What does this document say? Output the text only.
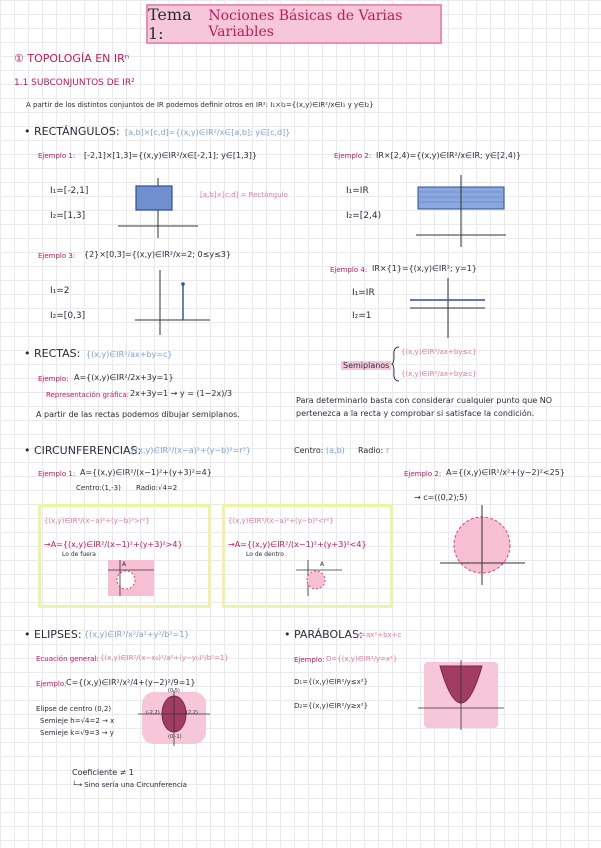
Tema 1:
Nociones Básicas de Varias Variables
① TOPOLOGÍA EN IRⁿ
1.1 SUBCONJUNTOS DE IR²
A partir de los distintos conjuntos de IR podemos definir otros en IR²: I₁×I₂={(x,y)∈IR²/x∈I₁ y y∈I₂}
• RECTÁNGULOS: [a,b]×[c,d]={(x,y)∈IR²/x∈[a,b]; y∈[c,d]}
Ejemplo 1: [-2,1]×[1,3]={(x,y)∈IR²/x∈[-2,1]; y∈[1,3]}
I₁=[-2,1]
I₂=[1,3]
[a,b]×[c,d] = Rectángulo
Ejemplo 2: IR×[2,4)={(x,y)∈IR²/x∈IR; y∈[2,4)}
I₁=IR
I₂=[2,4)
Ejemplo 3: {2}×[0,3]={(x,y)∈IR²/x=2; 0≤y≤3}
I₁=2
I₂=[0,3]
Ejemplo 4: IR×{1}={(x,y)∈IR²; y=1}
I₁=IR
I₂=1
• RECTAS: {(x,y)∈IR²/ax+by=c}
Ejemplo: A={(x,y)∈IR²/2x+3y=1}
Representación gráfica: 2x+3y=1 → y = (1−2x)/3
A partir de las rectas podemos dibujar semiplanos.
Semiplanos
{(x,y)∈IR²/ax+by≤c}
{(x,y)∈IR²/ax+by≥c}
Para determinarlo basta con considerar cualquier punto que NO
pertenezca a la recta y comprobar si satisface la condición.
• CIRCUNFERENCIAS:
{(x,y)∈IR²/(x−a)²+(y−b)²=r²}	Centro: (a,b) Radio: r
Ejemplo 1: A={(x,y)∈IR²/(x−1)²+(y+3)²=4}
Centro:(1,-3) Radio:√4=2
Ejemplo 2: A={(x,y)∈IR²/x²+(y−2)²<25}
→ c=((0,2);5)
{(x,y)∈IR²/(x−a)²+(y−b)²>r²}
→A={(x,y)∈IR²/(x−1)²+(y+3)²>4}
Lo de fuera
A
{(x,y)∈IR²/(x−a)²+(y−b)²<r²}
→A={(x,y)∈IR²/(x−1)²+(y+3)²<4}
Lo de dentro
A
• ELIPSES: {(x,y)∈IR²/x²/a²+y²/b²=1}
Ecuación general: {(x,y)∈IR²/(x−x₀)²/a²+(y−y₀)²/b²=1}
Ejemplo: C={(x,y)∈IR²/x²/4+(y−2)²/9=1}
Elipse de centro (0,2)
Semieje h=√4=2 → x
Semieje k=√9=3 → y
(0,5)
(-2,2)	(2,2)
(0,-1)
Coeficiente ≠ 1
└→ Sino sería una Circunferencia
• PARÁBOLAS:
y=ax²+bx+c
Ejemplo: D={(x,y)∈IR²/y=x²}
D₁={(x,y)∈IR²/y≤x²}
D₂={(x,y)∈IR²/y≥x²}
